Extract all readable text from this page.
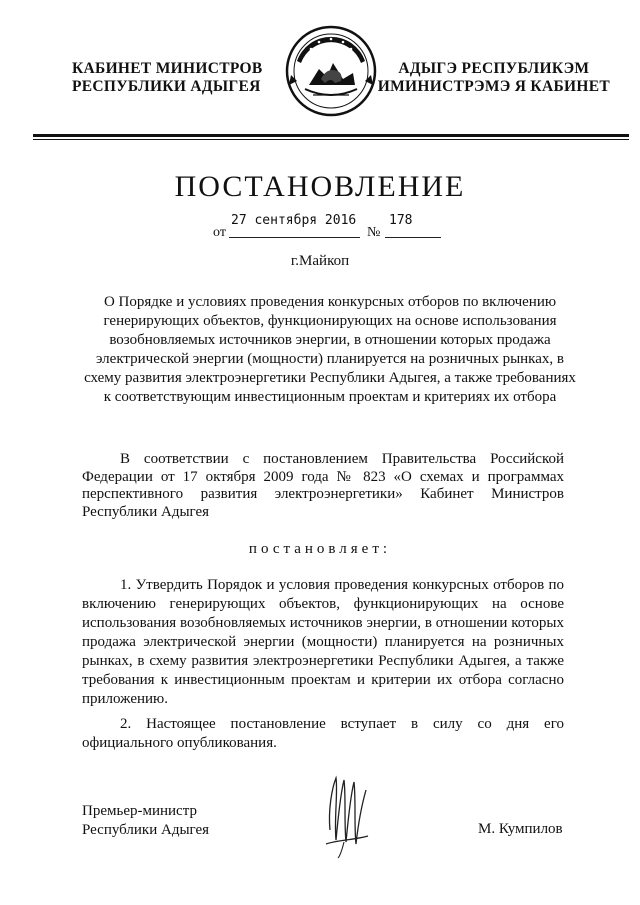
КАБИНЕТ МИНИСТРОВ
РЕСПУБЛИКИ АДЫГЕЯ
АДЫГЭ РЕСПУБЛИКЭМ
ИМИНИСТРЭМЭ Я КАБИНЕТ
ПОСТАНОВЛЕНИЕ
от
27 сентября 2016
№
178
г.Майкоп
О Порядке и условиях проведения конкурсных отборов по включению генерирующих объектов, функционирующих на основе использования возобновляемых источников энергии, в отношении которых продажа электрической энергии (мощности) планируется на розничных рынках, в схему развития электроэнергетики Республики Адыгея, а также требованиях к соответствующим инвестиционным проектам и критериях их отбора
В соответствии с постановлением Правительства Российской Федерации от 17 октября 2009 года № 823 «О схемах и программах перспективного развития электроэнергетики» Кабинет Министров Республики Адыгея
постановляет:
1. Утвердить Порядок и условия проведения конкурсных отборов по включению генерирующих объектов, функционирующих на основе использования возобновляемых источников энергии, в отношении которых продажа электрической энергии (мощности) планируется на розничных рынках, в схему развития электроэнергетики Республики Адыгея, а также требования к инвестиционным проектам и критерии их отбора согласно приложению.
2. Настоящее постановление вступает в силу со дня его официального опубликования.
Премьер-министр
Республики Адыгея	М. Кумпилов
